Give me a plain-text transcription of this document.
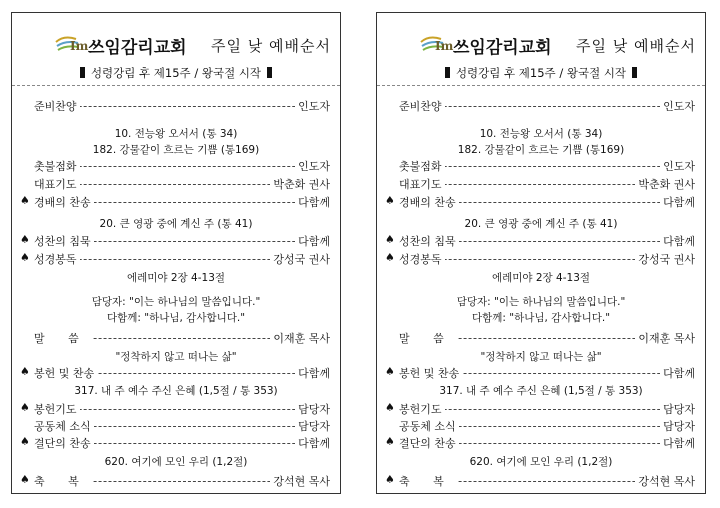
Im 쓰임감리교회 주일 낮 예배순서
성령강림 후 제15주 / 왕국절 시작
준비찬양	인도자
10. 전능왕 오서서 (통 34)
182. 강물같이 흐르는 기쁨 (통169)
촛불점화	인도자
대표기도	박춘화 권사
♠ 경배의 찬송	다함께
20. 큰 영광 중에 계신 주 (통 41)
♠ 성찬의 침묵	다함께
♠ 성경봉독	강성국 권사
에레미야 2장 4-13절
담당자: "이는 하나님의 말씀입니다."
다함께: "하나님, 감사합니다."
말 씀	이재훈 목사
"정착하지 않고 떠나는 삶"
♠ 봉헌 및 찬송	다함께
317. 내 주 예수 주신 은혜 (1,5절 / 통 353)
♠ 봉헌기도	담당자
공동체 소식	담당자
♠ 결단의 찬송	다함께
620. 여기에 모인 우리 (1,2절)
♠ 축 복	강석현 목사
Im 쓰임감리교회 주일 낮 예배순서
성령강림 후 제15주 / 왕국절 시작
준비찬양	인도자
10. 전능왕 오서서 (통 34)
182. 강물같이 흐르는 기쁨 (통169)
촛불점화	인도자
대표기도	박춘화 권사
♠ 경배의 찬송	다함께
20. 큰 영광 중에 계신 주 (통 41)
♠ 성찬의 침묵	다함께
♠ 성경봉독	강성국 권사
에레미야 2장 4-13절
담당자: "이는 하나님의 말씀입니다."
다함께: "하나님, 감사합니다."
말 씀	이재훈 목사
"정착하지 않고 떠나는 삶"
♠ 봉헌 및 찬송	다함께
317. 내 주 예수 주신 은혜 (1,5절 / 통 353)
♠ 봉헌기도	담당자
공동체 소식	담당자
♠ 결단의 찬송	다함께
620. 여기에 모인 우리 (1,2절)
♠ 축 복	강석현 목사
